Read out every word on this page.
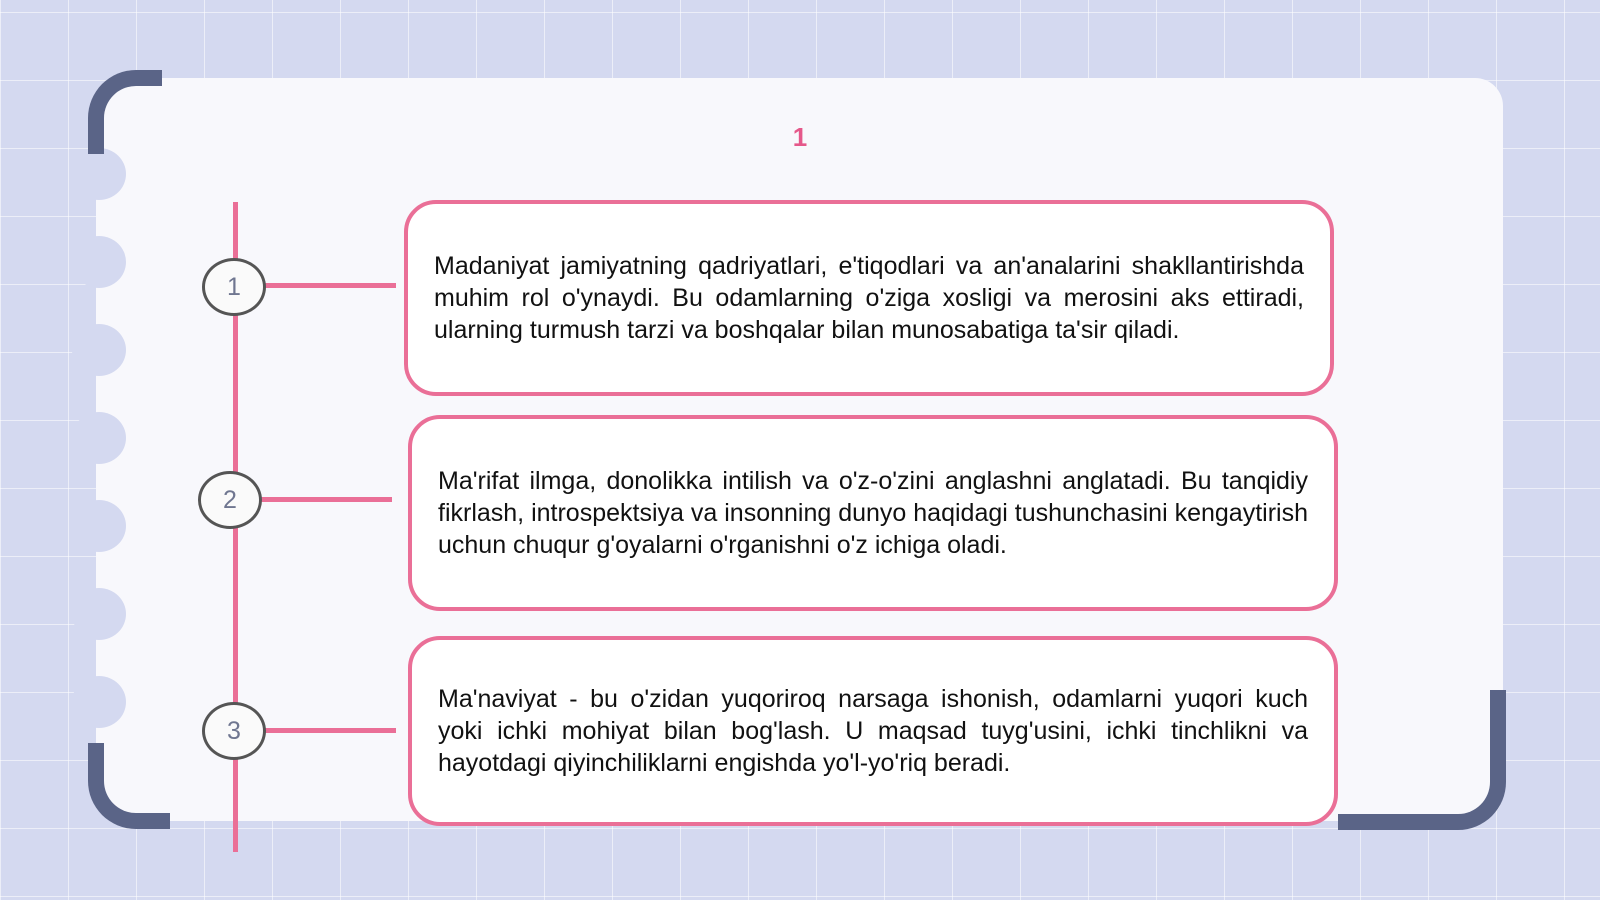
1
1

Madaniyat jamiyatning qadriyatlari, e'tiqodlari va an'analarini shakllantirishda muhim rol o'ynaydi. Bu odamlarning o'ziga xosligi va merosini aks ettiradi, ularning turmush tarzi va boshqalar bilan munosabatiga ta'sir qiladi.

2

Ma'rifat ilmga, donolikka intilish va o'z-o'zini anglashni anglatadi. Bu tanqidiy fikrlash, introspektsiya va insonning dunyo haqidagi tushunchasini kengaytirish uchun chuqur g'oyalarni o'rganishni o'z ichiga oladi.

3

Ma'naviyat - bu o'zidan yuqoriroq narsaga ishonish, odamlarni yuqori kuch yoki ichki mohiyat bilan bog'lash. U maqsad tuyg'usini, ichki tinchlikni va hayotdagi qiyinchiliklarni engishda yo'l-yo'riq beradi.
